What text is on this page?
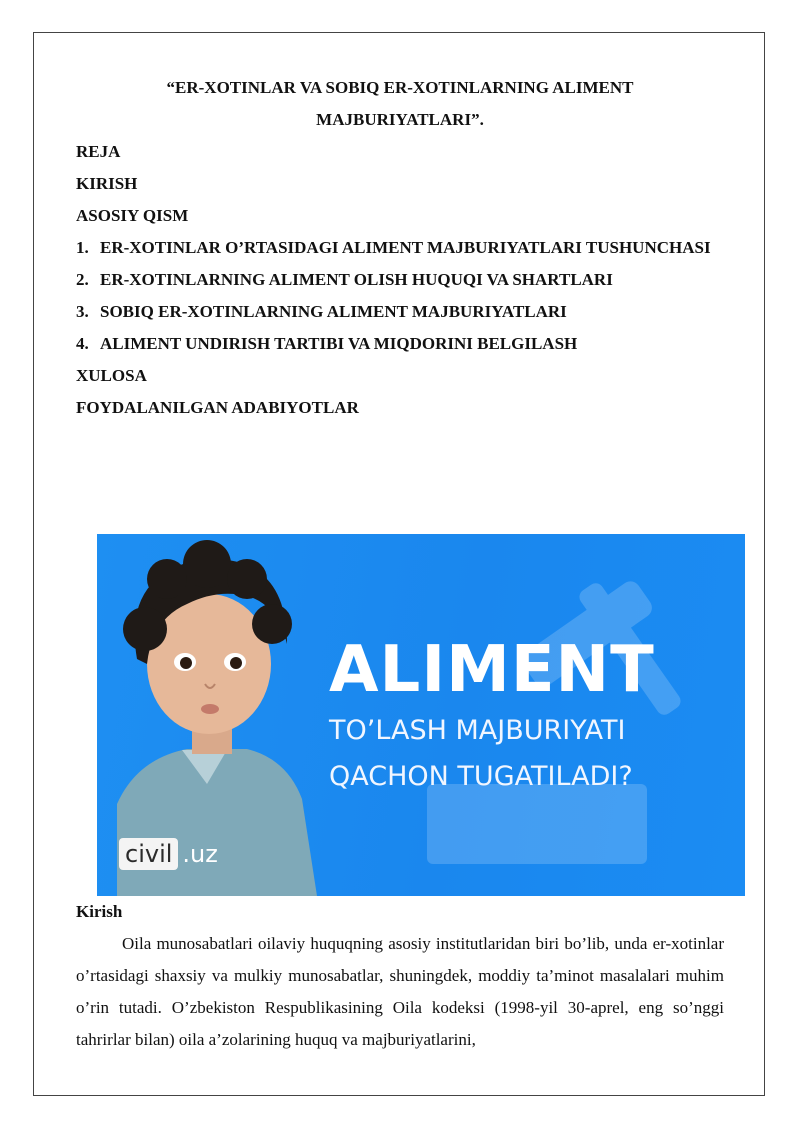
“ER-XOTINLAR VA SOBIQ ER-XOTINLARNING ALIMENT MAJBURIYATLARI”.

REJA

KIRISH

ASOSIY QISM

1. ER-XOTINLAR O’RTASIDAGI ALIMENT MAJBURIYATLARI TUSHUNCHASI
2. ER-XOTINLARNING ALIMENT OLISH HUQUQI VA SHARTLARI
3. SOBIQ ER-XOTINLARNING ALIMENT MAJBURIYATLARI
4. ALIMENT UNDIRISH TARTIBI VA MIQDORINI BELGILASH

XULOSA

FOYDALANILGAN ADABIYOTLAR

ALIMENT

TO’LASH MAJBURIYATI

QACHON TUGATILADI?

civil .uz

Kirish

Oila munosabatlari oilaviy huquqning asosiy institutlaridan biri bo’lib, unda er-xotinlar o’rtasidagi shaxsiy va mulkiy munosabatlar, shuningdek, moddiy ta’minot masalalari muhim o’rin tutadi. O’zbekiston Respublikasining Oila kodeksi (1998-yil 30-aprel, eng so’nggi tahrirlar bilan) oila a’zolarining huquq va majburiyatlarini,
